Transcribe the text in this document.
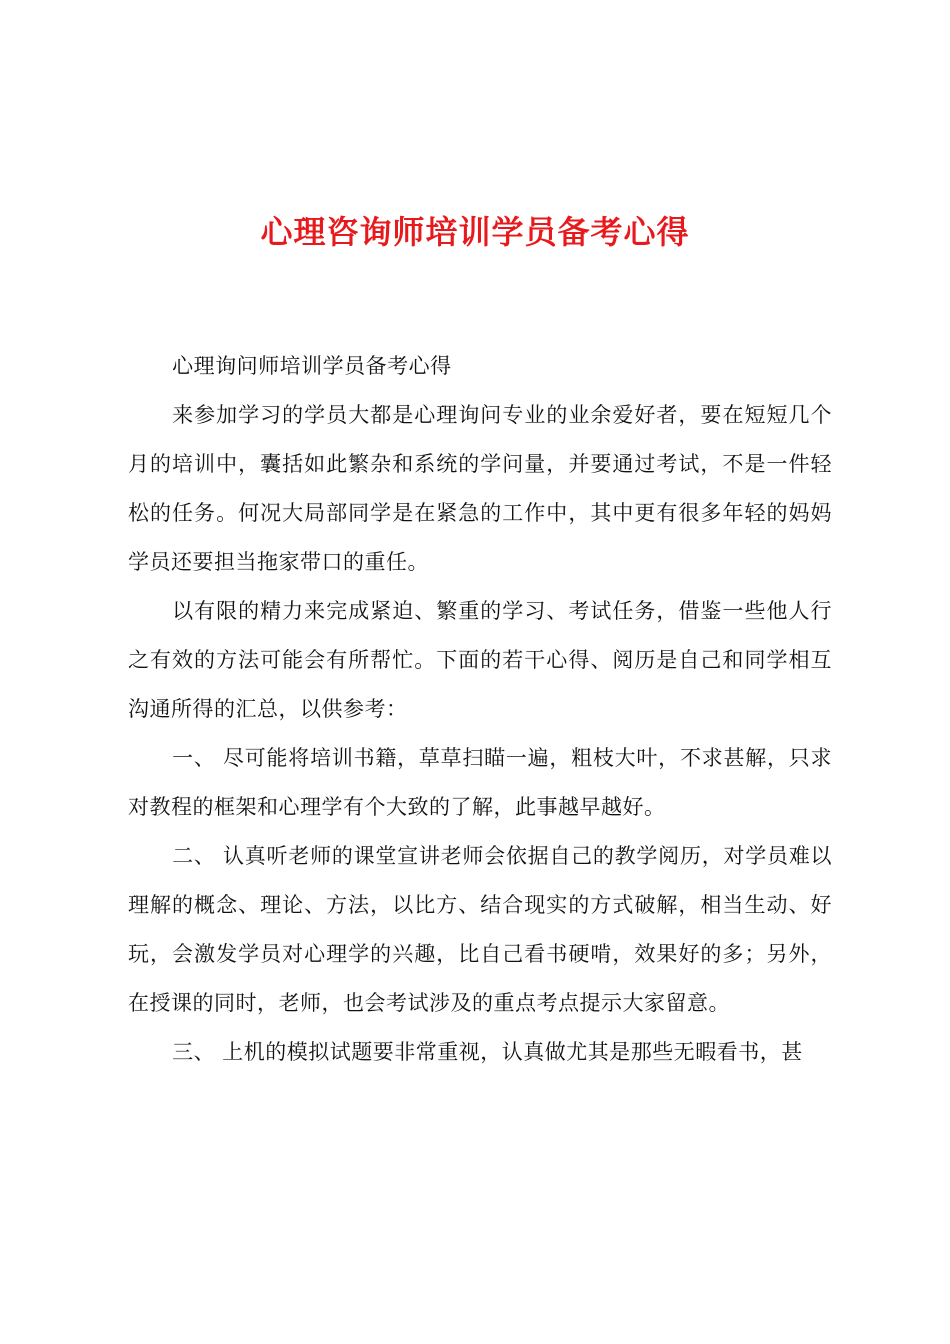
心理咨询师培训学员备考心得

心理询问师培训学员备考心得

来参加学习的学员大都是心理询问专业的业余爱好者，要在短短几个月的培训中，囊括如此繁杂和系统的学问量，并要通过考试，不是一件轻松的任务。何况大局部同学是在紧急的工作中，其中更有很多年轻的妈妈学员还要担当拖家带口的重任。

以有限的精力来完成紧迫、繁重的学习、考试任务，借鉴一些他人行之有效的方法可能会有所帮忙。下面的若干心得、阅历是自己和同学相互沟通所得的汇总，以供参考：

一、 尽可能将培训书籍，草草扫瞄一遍，粗枝大叶，不求甚解，只求对教程的框架和心理学有个大致的了解，此事越早越好。

二、 认真听老师的课堂宣讲老师会依据自己的教学阅历，对学员难以理解的概念、理论、方法，以比方、结合现实的方式破解，相当生动、好玩，会激发学员对心理学的兴趣，比自己看书硬啃，效果好的多；另外，在授课的同时，老师，也会考试涉及的重点考点提示大家留意。

三、 上机的模拟试题要非常重视，认真做尤其是那些无暇看书，甚
